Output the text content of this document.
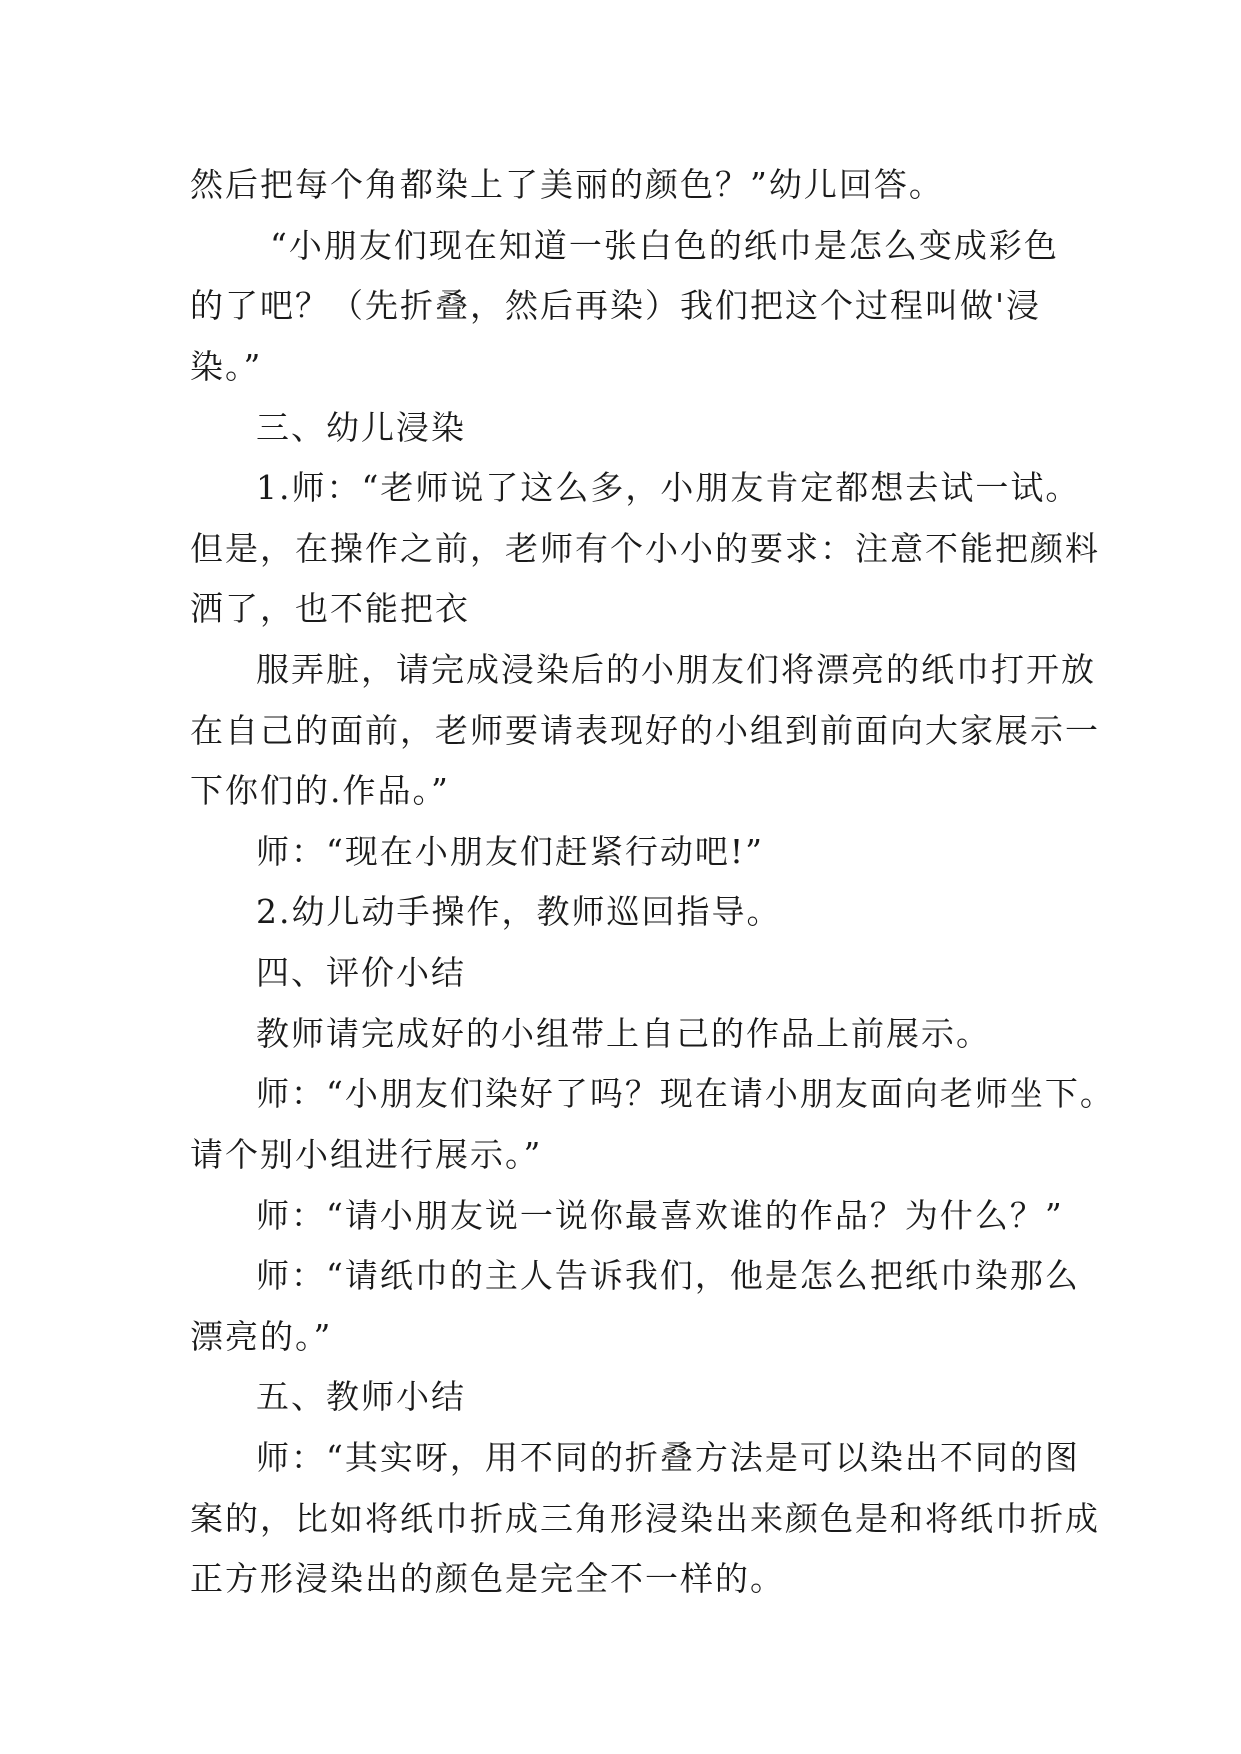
然后把每个角都染上了美丽的颜色？”幼儿回答。
“小朋友们现在知道一张白色的纸巾是怎么变成彩色
的了吧？（先折叠，然后再染）我们把这个过程叫做'浸
染。”
三、幼儿浸染
1.师：“老师说了这么多，小朋友肯定都想去试一试。
但是，在操作之前，老师有个小小的要求：注意不能把颜料
洒了，也不能把衣
服弄脏，请完成浸染后的小朋友们将漂亮的纸巾打开放
在自己的面前，老师要请表现好的小组到前面向大家展示一
下你们的.作品。”
师：“现在小朋友们赶紧行动吧!”
2.幼儿动手操作，教师巡回指导。
四、评价小结
教师请完成好的小组带上自己的作品上前展示。
师：“小朋友们染好了吗？现在请小朋友面向老师坐下。
请个别小组进行展示。”
师：“请小朋友说一说你最喜欢谁的作品？为什么？”
师：“请纸巾的主人告诉我们，他是怎么把纸巾染那么
漂亮的。”
五、教师小结
师：“其实呀，用不同的折叠方法是可以染出不同的图
案的，比如将纸巾折成三角形浸染出来颜色是和将纸巾折成
正方形浸染出的颜色是完全不一样的。
